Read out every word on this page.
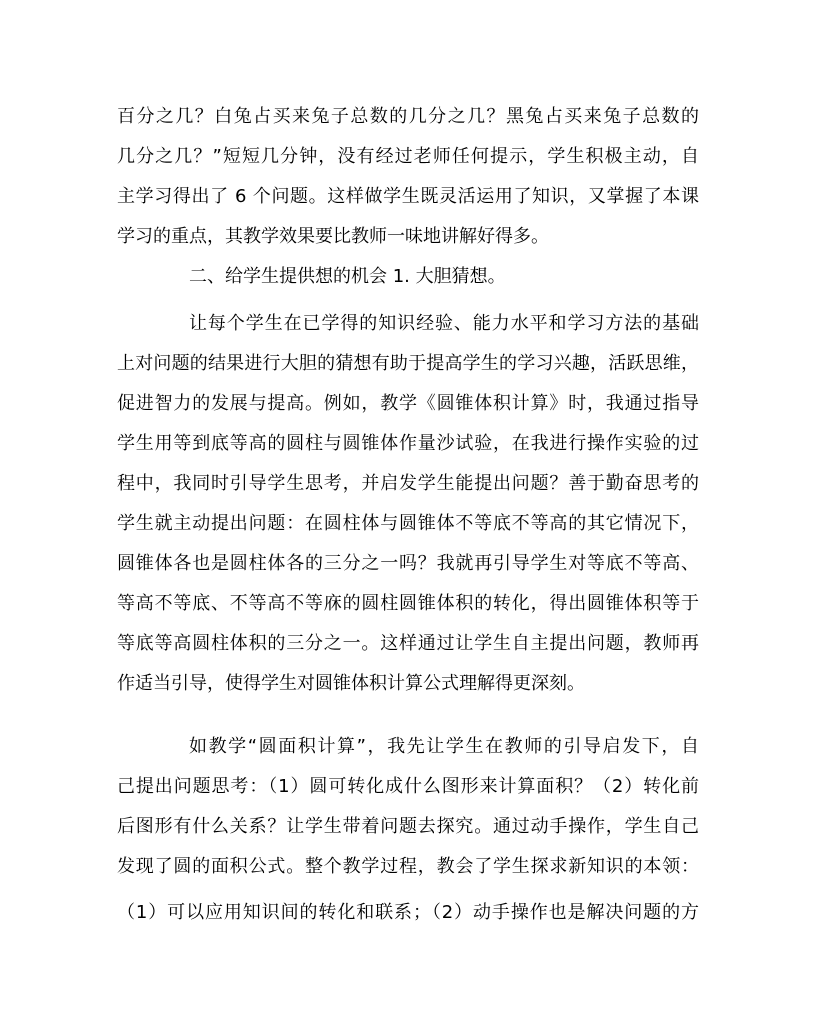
百分之几？白兔占买来兔子总数的几分之几？黑兔占买来兔子总数的
几分之几？”短短几分钟，没有经过老师任何提示，学生积极主动，自
主学习得出了 6 个问题。这样做学生既灵活运用了知识，又掌握了本课
学习的重点，其教学效果要比教师一味地讲解好得多。
二、给学生提供想的机会 1. 大胆猜想。
让每个学生在已学得的知识经验、能力水平和学习方法的基础
上对问题的结果进行大胆的猜想有助于提高学生的学习兴趣，活跃思维，
促进智力的发展与提高。例如，教学《圆锥体积计算》时，我通过指导
学生用等到底等高的圆柱与圆锥体作量沙试验，在我进行操作实验的过
程中，我同时引导学生思考，并启发学生能提出问题？善于勤奋思考的
学生就主动提出问题：在圆柱体与圆锥体不等底不等高的其它情况下，
圆锥体各也是圆柱体各的三分之一吗？我就再引导学生对等底不等高、
等高不等底、不等高不等庥的圆柱圆锥体积的转化，得出圆锥体积等于
等底等高圆柱体积的三分之一。这样通过让学生自主提出问题，教师再
作适当引导，使得学生对圆锥体积计算公式理解得更深刻。
如教学“圆面积计算”，我先让学生在教师的引导启发下，自
己提出问题思考：（1）圆可转化成什么图形来计算面积？（2）转化前
后图形有什么关系？让学生带着问题去探究。通过动手操作，学生自己
发现了圆的面积公式。整个教学过程，教会了学生探求新知识的本领：
（1）可以应用知识间的转化和联系；（2）动手操作也是解决问题的方
